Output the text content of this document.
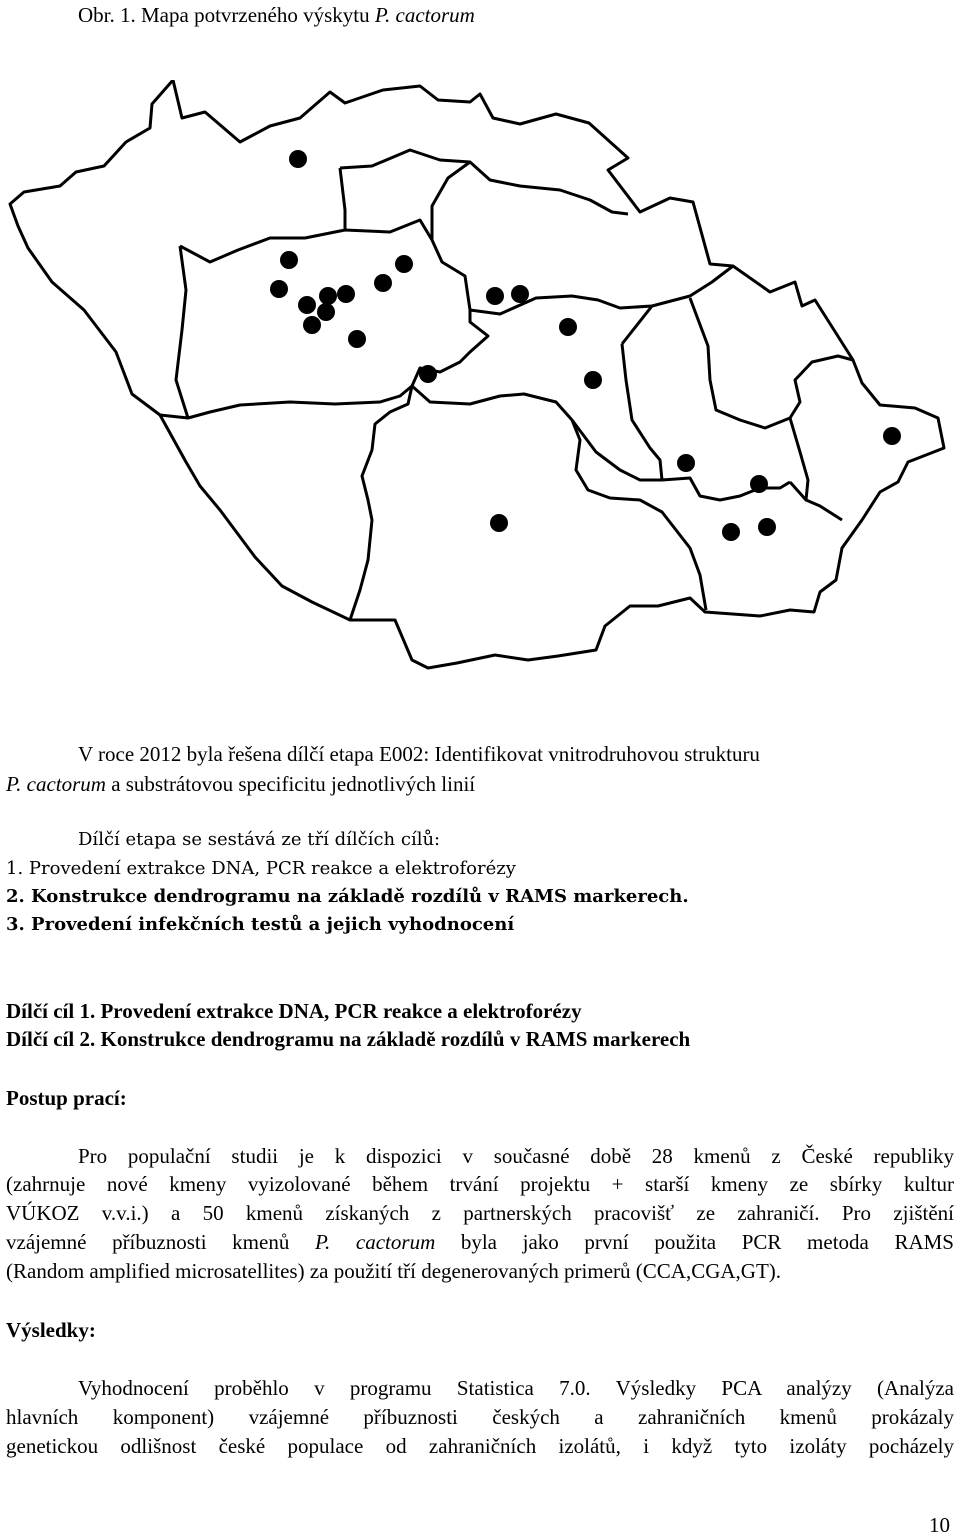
Obr. 1. Mapa potvrzeného výskytu P. cactorum
V roce 2012 byla řešena dílčí etapa E002: Identifikovat vnitrodruhovou strukturu
P. cactorum a substrátovou specificitu jednotlivých linií
Dílčí etapa se sestává ze tří dílčích cílů:
1. Provedení extrakce DNA, PCR reakce a elektroforézy
2. Konstrukce dendrogramu na základě rozdílů v RAMS markerech.
3. Provedení infekčních testů a jejich vyhodnocení
Dílčí cíl 1. Provedení extrakce DNA, PCR reakce a elektroforézy
Dílčí cíl 2. Konstrukce dendrogramu na základě rozdílů v RAMS markerech
Postup prací:
Pro populační studii je k dispozici v současné době 28 kmenů z České republiky
(zahrnuje nové kmeny vyizolované během trvání projektu + starší kmeny ze sbírky kultur
VÚKOZ v.v.i.) a 50 kmenů získaných z partnerských pracovišť ze zahraničí. Pro zjištění
vzájemné příbuznosti kmenů P. cactorum byla jako první použita PCR metoda RAMS
(Random amplified microsatellites) za použití tří degenerovaných primerů (CCA,CGA,GT).
Výsledky:
Vyhodnocení proběhlo v programu Statistica 7.0. Výsledky PCA analýzy (Analýza
hlavních komponent) vzájemné příbuznosti českých a zahraničních kmenů prokázaly
genetickou odlišnost české populace od zahraničních izolátů, i když tyto izoláty pocházely
10
